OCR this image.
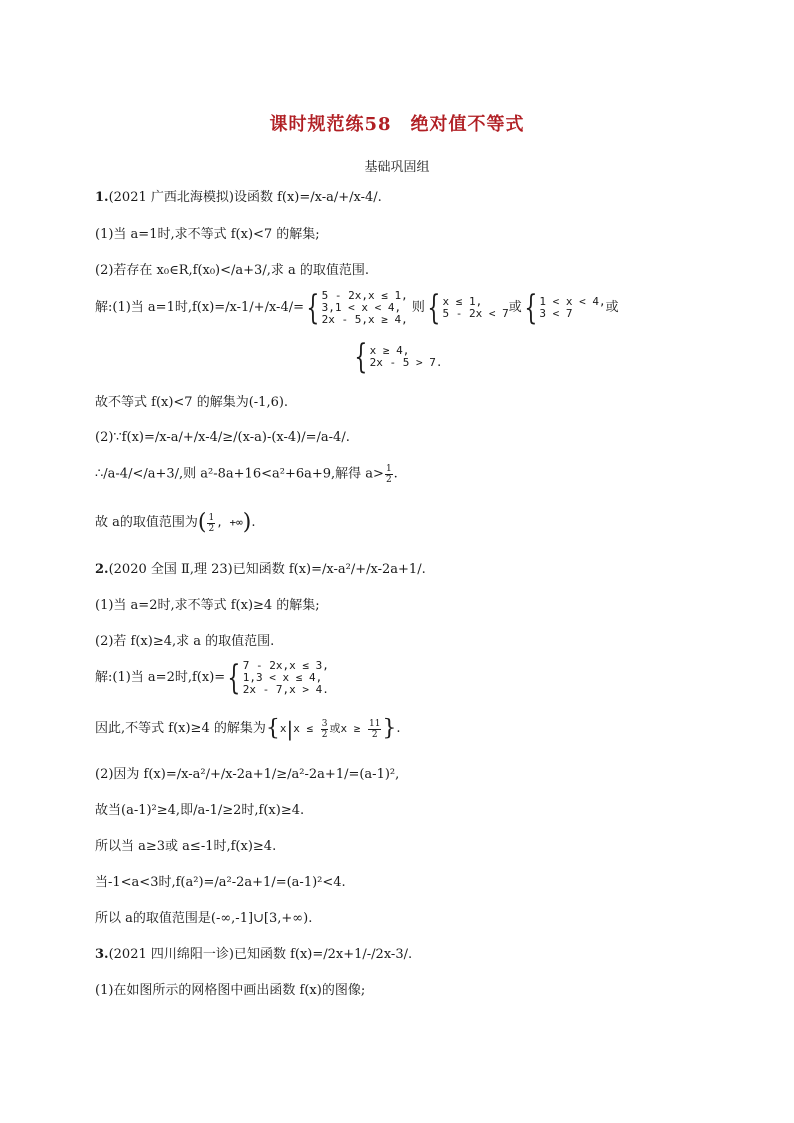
课时规范练58　绝对值不等式
基础巩固组
1.(2021 广西北海模拟)设函数 f(x)=/x-a/+/x-4/.
(1)当 a=1时,求不等式 f(x)<7 的解集;
(2)若存在 x₀∈R,f(x₀)</a+3/,求 a 的取值范围.
解:(1)当 a=1时,f(x)=/x-1/+/x-4/={ 5 - 2x,x ≤ 1,
3,1 < x < 4,
2x - 5,x ≥ 4,
则{ x ≤ 1,
5 - 2x < 7 或{ 1 < x < 4,
3 < 7	或
{ x ≥ 4,
2x - 5 > 7.
故不等式 f(x)<7 的解集为(-1,6).
(2)∵f(x)=/x-a/+/x-4/≥/(x-a)-(x-4)/=/a-4/.
∴/a-4/</a+3/,则 a²-8a+16<a²+6a+9,解得 $a> \frac{1}{2}$ .
故 a的取值范围为( $\frac{1}{2}$ , +∞).
2.(2020 全国 Ⅱ,理 23)已知函数 f(x)=/x-a²/+/x-2a+1/.
(1)当 a=2时,求不等式 f(x)≥4 的解集;
(2)若 f(x)≥4,求 a 的取值范围.
解:(1)当 a=2时,f(x)={ 7 - 2x,x ≤ 3,
1,3 < x ≤ 4,
2x - 7,x > 4.
因此,不等式 f(x)≥4 的解集为{$x|x \le \frac{3}{2}$ 或$x \ge \frac{11}{2}$ }.
(2)因为 f(x)=/x-a²/+/x-2a+1/≥/a²-2a+1/=(a-1)²,
故当(a-1)²≥4,即/a-1/≥2时,f(x)≥4.
所以当 a≥3或 a≤-1时,f(x)≥4.
当-1<a<3时,f(a²)=/a²-2a+1/=(a-1)²<4.
所以 a的取值范围是(-∞,-1]∪[3,+∞).
3.(2021 四川绵阳一诊)已知函数 f(x)=/2x+1/-/2x-3/.
(1)在如图所示的网格图中画出函数 f(x)的图像;
